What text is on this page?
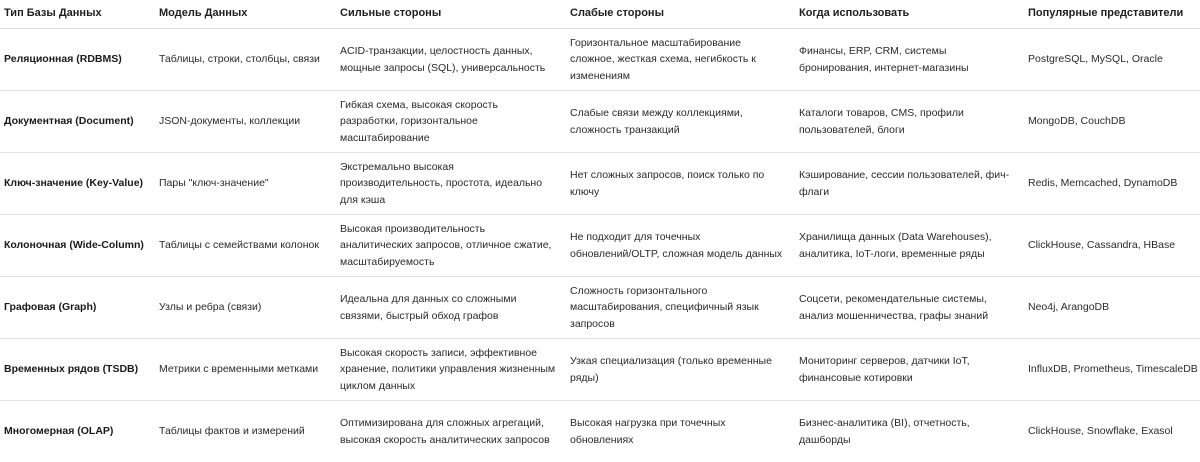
Тип Базы Данных	Модель Данных	Сильные стороны	Слабые стороны	Когда использовать	Популярные представители
Реляционная (RDBMS)	Таблицы, строки, столбцы, связи	ACID-транзакции, целостность данных, мощные запросы (SQL), универсальность	Горизонтальное масштабирование сложное, жесткая схема, негибкость к изменениям	Финансы, ERP, CRM, системы бронирования, интернет-магазины	PostgreSQL, MySQL, Oracle
Документная (Document)	JSON-документы, коллекции	Гибкая схема, высокая скорость разработки, горизонтальное масштабирование	Слабые связи между коллекциями, сложность транзакций	Каталоги товаров, CMS, профили пользователей, блоги	MongoDB, CouchDB
Ключ-значение (Key-Value)	Пары "ключ-значение"	Экстремально высокая производительность, простота, идеально для кэша	Нет сложных запросов, поиск только по ключу	Кэширование, сессии пользователей, фич-флаги	Redis, Memcached, DynamoDB
Колоночная (Wide-Column)	Таблицы с семействами колонок	Высокая производительность аналитических запросов, отличное сжатие, масштабируемость	Не подходит для точечных обновлений/OLTP, сложная модель данных	Хранилища данных (Data Warehouses), аналитика, IoT-логи, временные ряды	ClickHouse, Cassandra, HBase
Графовая (Graph)	Узлы и ребра (связи)	Идеальна для данных со сложными связями, быстрый обход графов	Сложность горизонтального масштабирования, специфичный язык запросов	Соцсети, рекомендательные системы, анализ мошенничества, графы знаний	Neo4j, ArangoDB
Временных рядов (TSDB)	Метрики с временными метками	Высокая скорость записи, эффективное хранение, политики управления жизненным циклом данных	Узкая специализация (только временные ряды)	Мониторинг серверов, датчики IoT, финансовые котировки	InfluxDB, Prometheus, TimescaleDB
Многомерная (OLAP)	Таблицы фактов и измерений	Оптимизирована для сложных агрегаций, высокая скорость аналитических запросов	Высокая нагрузка при точечных обновлениях	Бизнес-аналитика (BI), отчетность, дашборды	ClickHouse, Snowflake, Exasol
